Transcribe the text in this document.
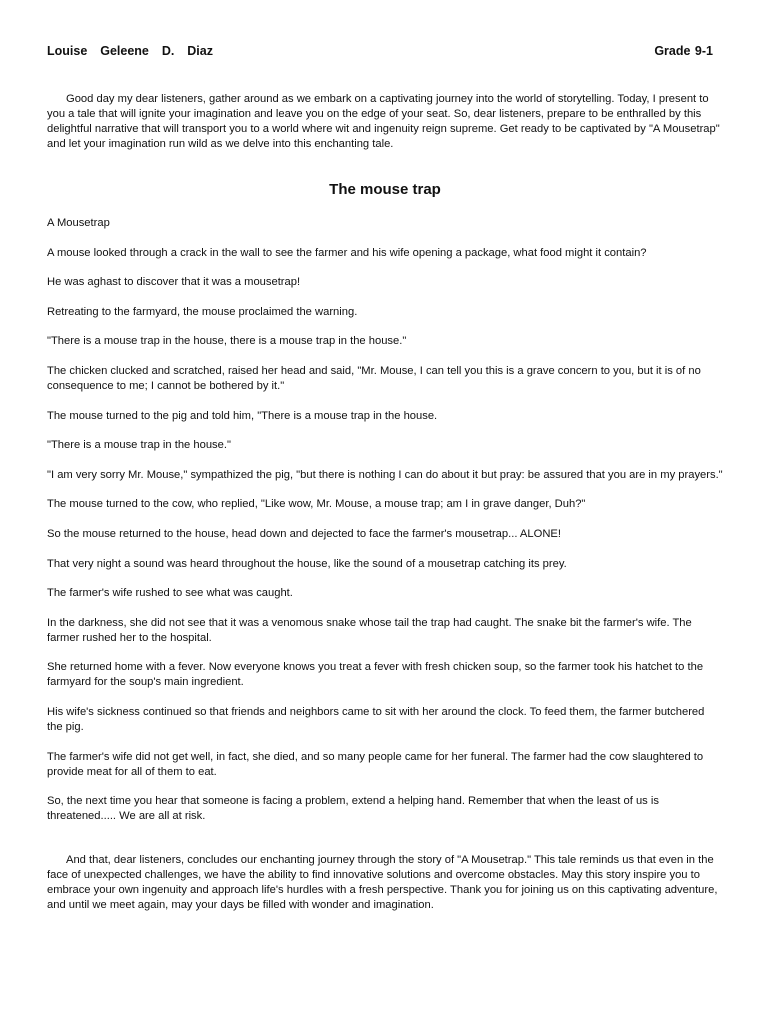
Louise  Geleene  D.  Diaz	Grade 9-1

Good day my dear listeners, gather around as we embark on a captivating journey into the world of storytelling. Today, I present to you a tale that will ignite your imagination and leave you on the edge of your seat. So, dear listeners, prepare to be enthralled by this delightful narrative that will transport you to a world where wit and ingenuity reign supreme. Get ready to be captivated by "A Mousetrap" and let your imagination run wild as we delve into this enchanting tale.

The mouse trap

A Mousetrap

A mouse looked through a crack in the wall to see the farmer and his wife opening a package, what food might it contain?

He was aghast to discover that it was a mousetrap!

Retreating to the farmyard, the mouse proclaimed the warning.

"There is a mouse trap in the house, there is a mouse trap in the house."

The chicken clucked and scratched, raised her head and said, "Mr. Mouse, I can tell you this is a grave concern to you, but it is of no consequence to me; I cannot be bothered by it."

The mouse turned to the pig and told him, "There is a mouse trap in the house.

"There is a mouse trap in the house."

"I am very sorry Mr. Mouse," sympathized the pig, "but there is nothing I can do about it but pray: be assured that you are in my prayers."

The mouse turned to the cow, who replied, "Like wow, Mr. Mouse, a mouse trap; am I in grave danger, Duh?"

So the mouse returned to the house, head down and dejected to face the farmer's mousetrap... ALONE!

That very night a sound was heard throughout the house, like the sound of a mousetrap catching its prey.

The farmer's wife rushed to see what was caught.

In the darkness, she did not see that it was a venomous snake whose tail the trap had caught. The snake bit the farmer's wife. The farmer rushed her to the hospital.

She returned home with a fever. Now everyone knows you treat a fever with fresh chicken soup, so the farmer took his hatchet to the farmyard for the soup's main ingredient.

His wife's sickness continued so that friends and neighbors came to sit with her around the clock. To feed them, the farmer butchered the pig.

The farmer's wife did not get well, in fact, she died, and so many people came for her funeral. The farmer had the cow slaughtered to provide meat for all of them to eat.

So, the next time you hear that someone is facing a problem, extend a helping hand. Remember that when the least of us is threatened..... We are all at risk.

And that, dear listeners, concludes our enchanting journey through the story of "A Mousetrap." This tale reminds us that even in the face of unexpected challenges, we have the ability to find innovative solutions and overcome obstacles. May this story inspire you to embrace your own ingenuity and approach life's hurdles with a fresh perspective. Thank you for joining us on this captivating adventure, and until we meet again, may your days be filled with wonder and imagination.
